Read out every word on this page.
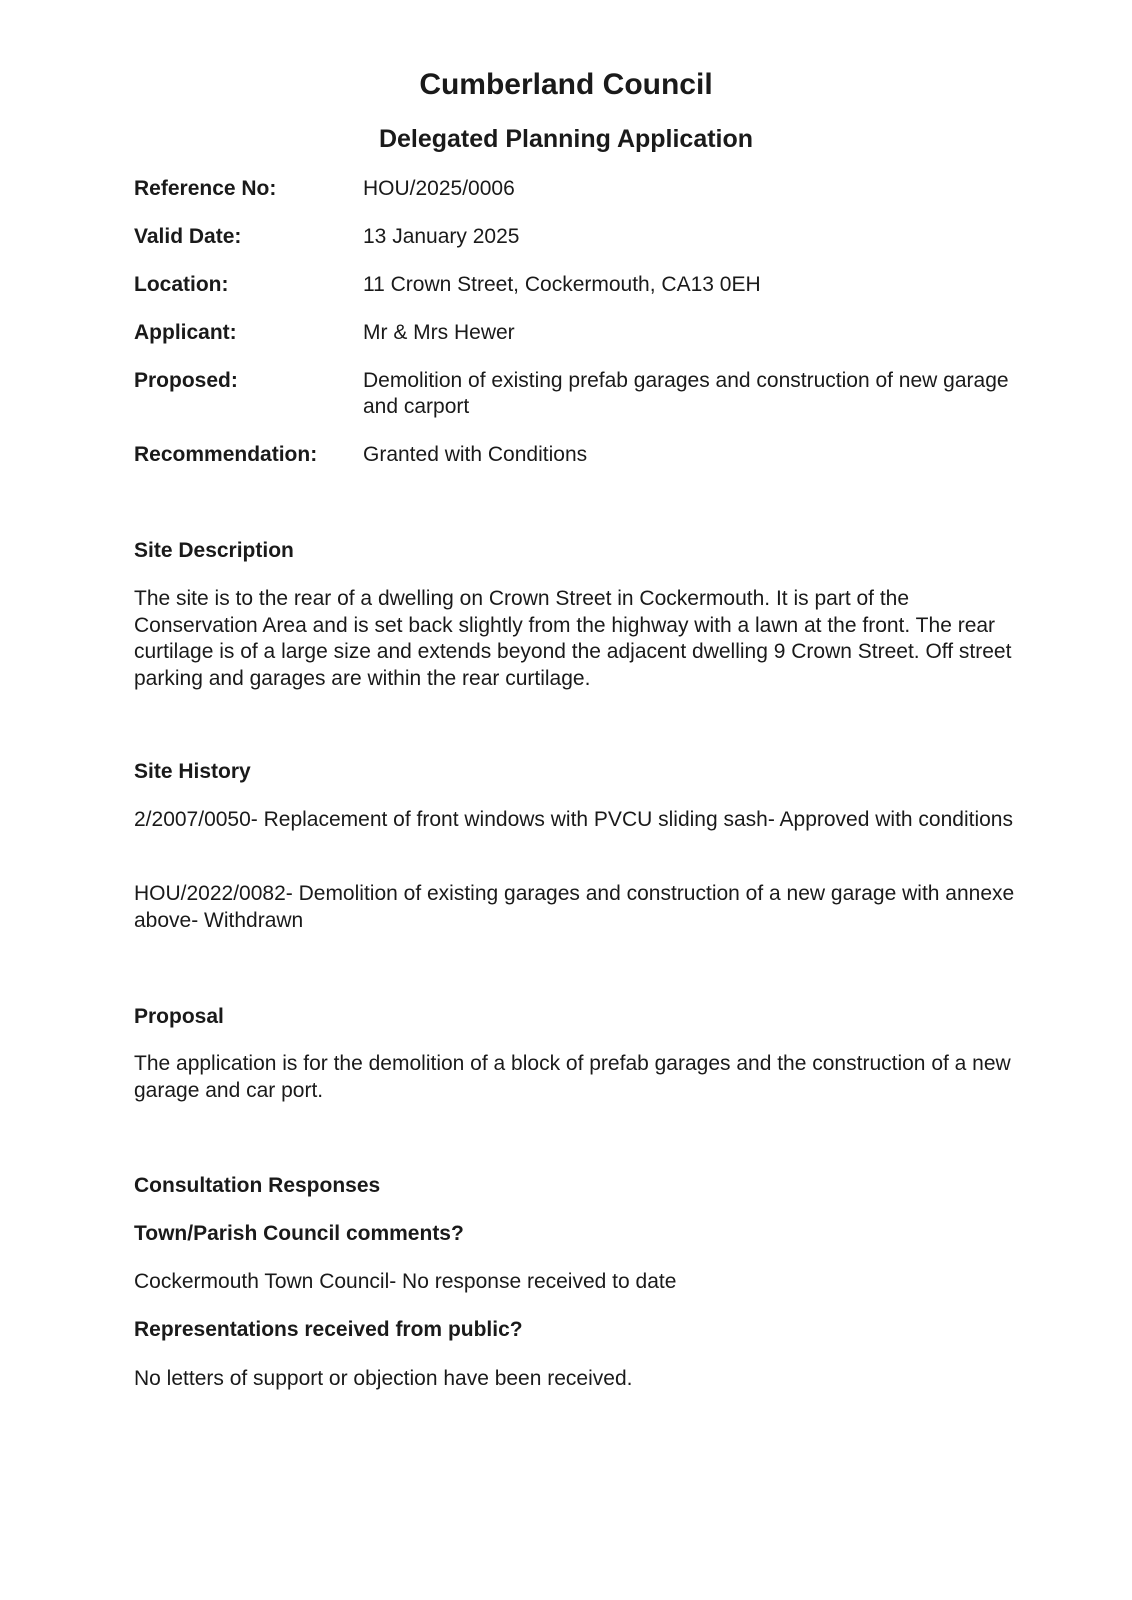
Cumberland Council
Delegated Planning Application
Reference No:	HOU/2025/0006
Valid Date:	13 January 2025
Location:	11 Crown Street, Cockermouth, CA13 0EH
Applicant:	Mr & Mrs Hewer
Proposed:	Demolition of existing prefab garages and construction of new garage and carport
Recommendation: Granted with Conditions
Site Description

The site is to the rear of a dwelling on Crown Street in Cockermouth. It is part of the Conservation Area and is set back slightly from the highway with a lawn at the front. The rear curtilage is of a large size and extends beyond the adjacent dwelling 9 Crown Street. Off street parking and garages are within the rear curtilage.

Site History

2/2007/0050- Replacement of front windows with PVCU sliding sash- Approved with conditions

HOU/2022/0082- Demolition of existing garages and construction of a new garage with annexe above- Withdrawn

Proposal

The application is for the demolition of a block of prefab garages and the construction of a new garage and car port.

Consultation Responses
Town/Parish Council comments?

Cockermouth Town Council- No response received to date

Representations received from public?

No letters of support or objection have been received.
